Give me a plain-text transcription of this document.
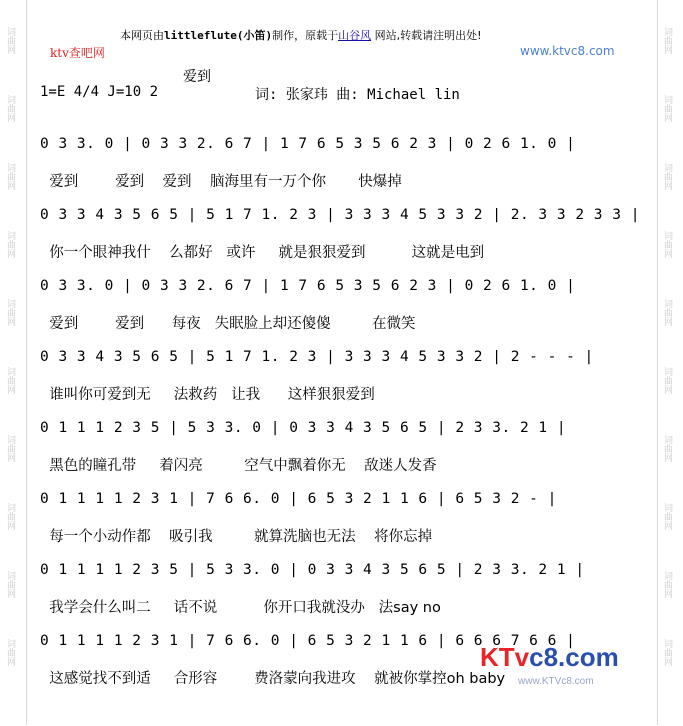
词曲网
词曲网
词曲网
词曲网
词曲网
词曲网
词曲网
词曲网
词曲网
词曲网
词曲网
词曲网
词曲网
词曲网
词曲网
词曲网
词曲网
词曲网
词曲网
词曲网
本网页由littleflute(小笛)制作，原载于山谷风 网站,转载请注明出处!
ktv查吧网	www.ktvc8.com
爱到
1=E 4/4 J=10 2	词: 张家玮 曲: Michael lin
0 3 3. 0 | 0 3 3 2. 6 7 | 1 7 6 5 3 5 6 2 3 | 0 2 6 1. 0 |
爱到        爱到    爱到    脑海里有一万个你       快爆掉
0 3 3 4 3 5 6 5 | 5 1 7 1. 2 3 | 3 3 3 4 5 3 3 2 | 2. 3 3 2 3 3 |
你一个眼神我什    么都好   或许     就是狠狠爱到          这就是电到
0 3 3. 0 | 0 3 3 2. 6 7 | 1 7 6 5 3 5 6 2 3 | 0 2 6 1. 0 |
爱到        爱到      每夜   失眠脸上却还傻傻         在微笑
0 3 3 4 3 5 6 5 | 5 1 7 1. 2 3 | 3 3 3 4 5 3 3 2 | 2 - - - |
谁叫你可爱到无     法救药   让我      这样狠狠爱到
0 1 1 1 2 3 5 | 5 3 3. 0 | 0 3 3 4 3 5 6 5 | 2 3 3. 2 1 |
黑色的瞳孔带     着闪亮         空气中飘着你无    敌迷人发香
0 1 1 1 1 2 3 1 | 7 6 6. 0 | 6 5 3 2 1 1 6 | 6 5 3 2 - |
每一个小动作都    吸引我         就算洗脑也无法    将你忘掉
0 1 1 1 1 2 3 5 | 5 3 3. 0 | 0 3 3 4 3 5 6 5 | 2 3 3. 2 1 |
我学会什么叫二     话不说          你开口我就没办   法say no
0 1 1 1 1 2 3 1 | 7 6 6. 0 | 6 5 3 2 1 1 6 | 6 6 6 7 6 6 |
这感觉找不到适     合形容        费洛蒙向我进攻    就被你掌控oh baby
KTvc8.com
www.KTVc8.com
